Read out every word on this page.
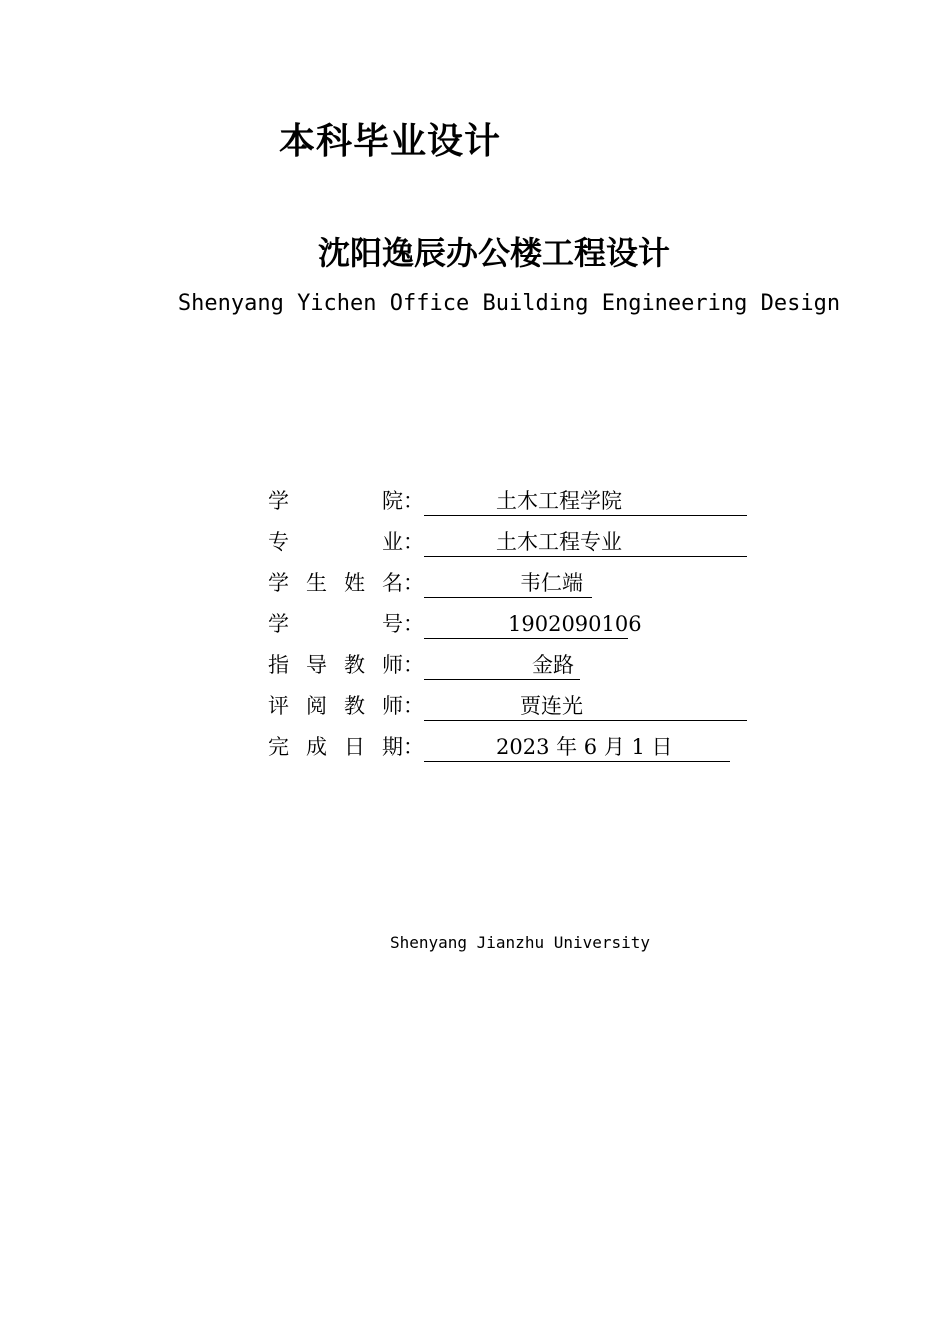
本科毕业设计
沈阳逸辰办公楼工程设计
Shenyang Yichen Office Building Engineering Design
学	院：	土木工程学院
专	业：	土木工程专业
学 生 姓 名：	韦仁端
学	号：	1902090106
指 导 教 师：	金路
评 阅 教 师：	贾连光
完 成 日 期：	2023 年 6 月 1 日
Shenyang Jianzhu University
